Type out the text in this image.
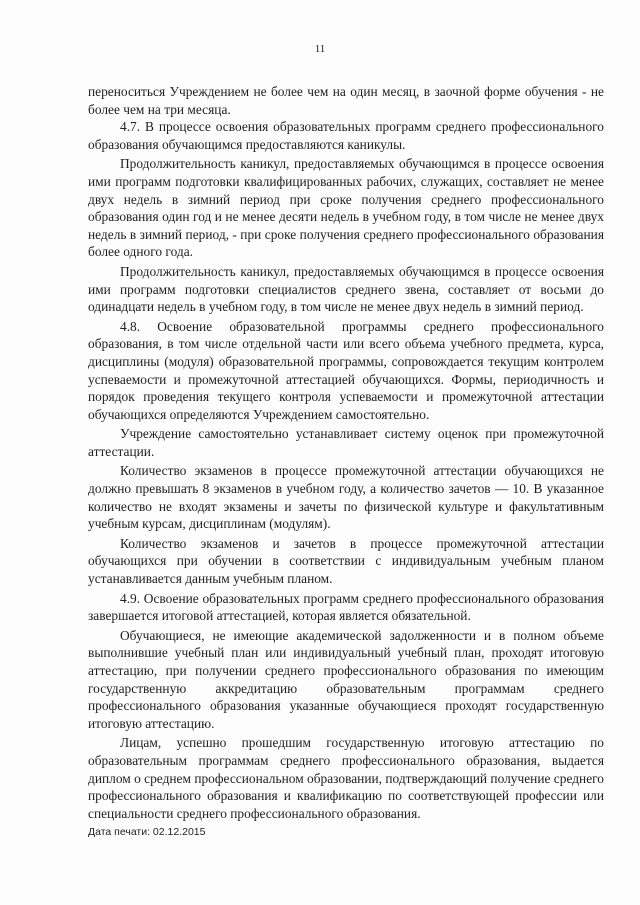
11

переноситься Учреждением не более чем на один месяц, в заочной форме обучения - не более чем на три месяца.

4.7. В процессе освоения образовательных программ среднего профессионального образования обучающимся предоставляются каникулы.

Продолжительность каникул, предоставляемых обучающимся в процессе освоения ими программ подготовки квалифицированных рабочих, служащих, составляет не менее двух недель в зимний период при сроке получения среднего профессионального образования один год и не менее десяти недель в учебном году, в том числе не менее двух недель в зимний период, - при сроке получения среднего профессионального образования более одного года.

Продолжительность каникул, предоставляемых обучающимся в процессе освоения ими программ подготовки специалистов среднего звена, составляет от восьми до одинадцати недель в учебном году, в том числе не менее двух недель в зимний период.

4.8. Освоение образовательной программы среднего профессионального образования, в том числе отдельной части или всего объема учебного предмета, курса, дисциплины (модуля) образовательной программы, сопровождается текущим контролем успеваемости и промежуточной аттестацией обучающихся. Формы, периодичность и порядок проведения текущего контроля успеваемости и промежуточной аттестации обучающихся определяются Учреждением самостоятельно.

Учреждение самостоятельно устанавливает систему оценок при промежуточной аттестации.

Количество экзаменов в процессе промежуточной аттестации обучающихся не должно превышать 8 экзаменов в учебном году, а количество зачетов — 10. В указанное количество не входят экзамены и зачеты по физической культуре и факультативным учебным курсам, дисциплинам (модулям).

Количество экзаменов и зачетов в процессе промежуточной аттестации обучающихся при обучении в соответствии с индивидуальным учебным планом устанавливается данным учебным планом.

4.9. Освоение образовательных программ среднего профессионального образования завершается итоговой аттестацией, которая является обязательной.

Обучающиеся, не имеющие академической задолженности и в полном объеме выполнившие учебный план или индивидуальный учебный план, проходят итоговую аттестацию, при получении среднего профессионального образования по имеющим государственную аккредитацию образовательным программам среднего профессионального образования указанные обучающиеся проходят государственную итоговую аттестацию.

Лицам, успешно прошедшим государственную итоговую аттестацию по образовательным программам среднего профессионального образования, выдается диплом о среднем профессиональном образовании, подтверждающий получение среднего профессионального образования и квалификацию по соответствующей профессии или специальности среднего профессионального образования.

Дата печати: 02.12.2015
